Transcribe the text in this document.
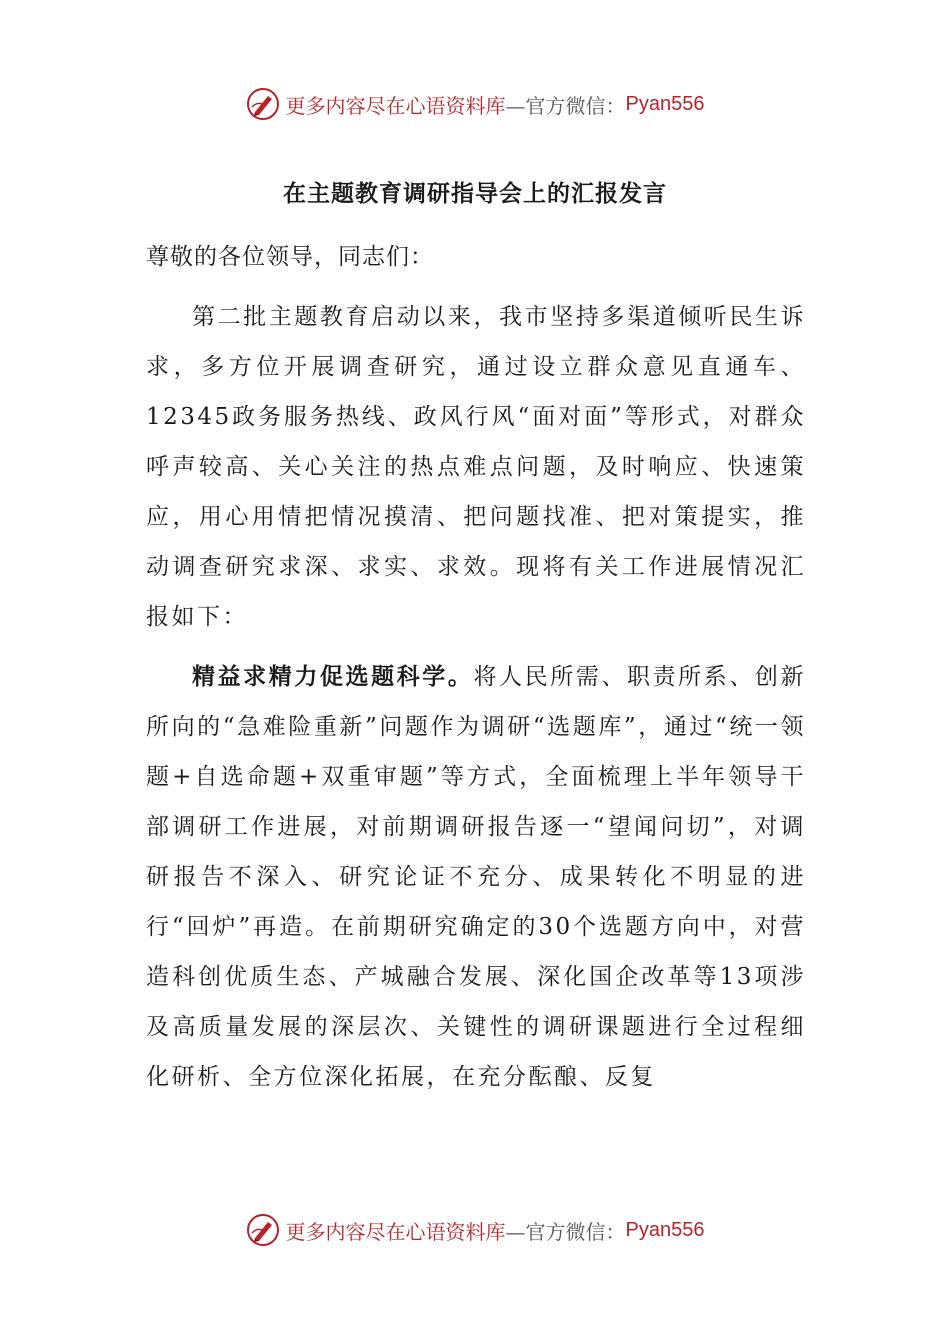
更多内容尽在心语资料库 —官方微信： Pyan556
在主题教育调研指导会上的汇报发言

尊敬的各位领导，同志们：

第二批主题教育启动以来，我市坚持多渠道倾听民生诉求，多方位开展调查研究，通过设立群众意见直通车、12345政务服务热线、政风行风“面对面”等形式，对群众呼声较高、关心关注的热点难点问题，及时响应、快速策应，用心用情把情况摸清、把问题找准、把对策提实，推动调查研究求深、求实、求效。现将有关工作进展情况汇报如下：

精益求精力促选题科学。将人民所需、职责所系、创新所向的“急难险重新”问题作为调研“选题库”，通过“统一领题+自选命题+双重审题”等方式，全面梳理上半年领导干部调研工作进展，对前期调研报告逐一“望闻问切”，对调研报告不深入、研究论证不充分、成果转化不明显的进行“回炉”再造。在前期研究确定的30个选题方向中，对营造科创优质生态、产城融合发展、深化国企改革等13项涉及高质量发展的深层次、关键性的调研课题进行全过程细化研析、全方位深化拓展，在充分酝酿、反复

更多内容尽在心语资料库 —官方微信： Pyan556
